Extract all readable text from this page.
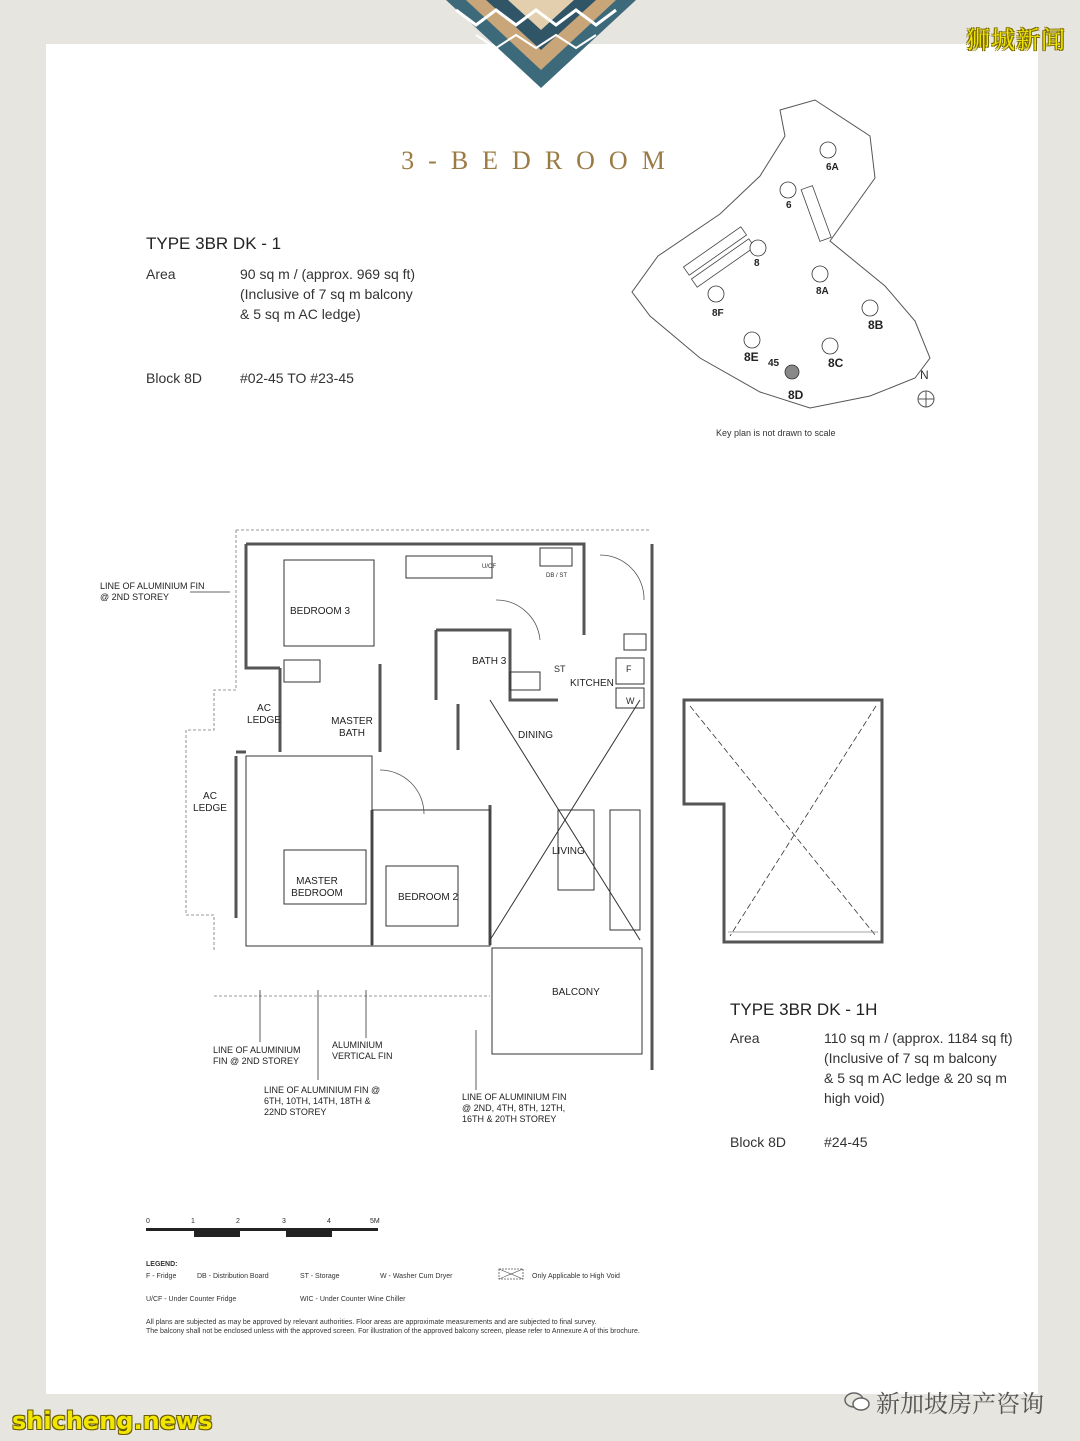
狮城新闻
3-BEDROOM
TYPE 3BR DK - 1
Area	90 sq m / (approx. 969 sq ft)
(Inclusive of 7 sq m balcony
& 5 sq m AC ledge)
Block 8D	#02-45 TO #23-45
6A
6
8
8A
8B
8F
8E	8C
8D
45
N
Key plan is not drawn to scale
BEDROOM 3
BATH 3
KITCHEN
AC LEDGE	MASTER BATH	DINING
AC LEDGE
LIVING
MASTER BEDROOM	BEDROOM 2
BALCONY
U/CF
DB / ST
ST	F
W
LINE OF ALUMINIUM FIN @ 2ND STOREY
LINE OF ALUMINIUM FIN @ 2ND STOREY
ALUMINIUM VERTICAL FIN
LINE OF ALUMINIUM FIN @ 6TH, 10TH, 14TH, 18TH & 22ND STOREY
LINE OF ALUMINIUM FIN @ 2ND, 4TH, 8TH, 12TH, 16TH & 20TH STOREY
TYPE 3BR DK - 1H
Area	110 sq m / (approx. 1184 sq ft)
(Inclusive of 7 sq m balcony
& 5 sq m AC ledge & 20 sq m
high void)
Block 8D	#24-45
0	1	2	3	4	5M
LEGEND:
F - Fridge	DB - Distribution Board	ST - Storage	W - Washer Cum Dryer	Only Applicable to High Void
U/CF - Under Counter Fridge	WIC - Under Counter Wine Chiller
All plans are subjected as may be approved by relevant authorities. Floor areas are approximate measurements and are subjected to final survey.
The balcony shall not be enclosed unless with the approved screen. For illustration of the approved balcony screen, please refer to Annexure A of this brochure.
新加坡房产咨询
shicheng.news
